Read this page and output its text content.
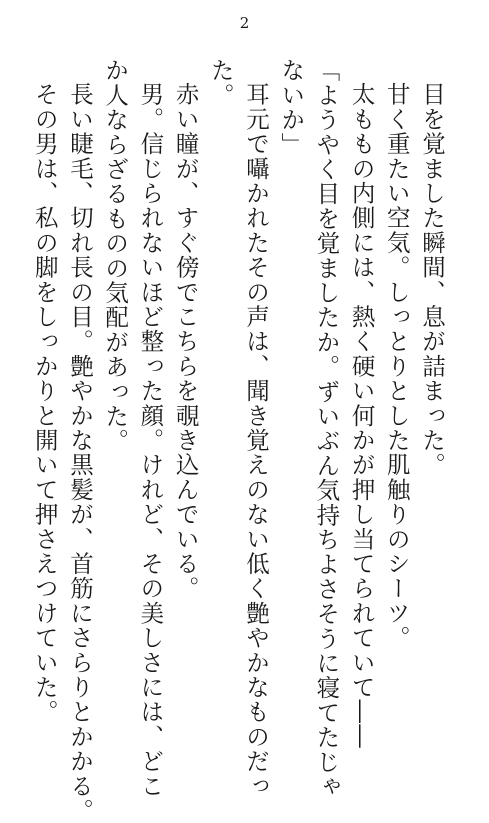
2
目を覚ました瞬間、息が詰まった。
甘く重たい空気。しっとりとした肌触りのシーツ。
太ももの内側には、熱く硬い何かが押し当てられていて――
「ようやく目を覚ましたか。ずいぶん気持ちよさそうに寝てたじゃ
ないか」
耳元で囁かれたその声は、聞き覚えのない低く艶やかなものだっ
た。
赤い瞳が、すぐ傍でこちらを覗き込んでいる。
男。信じられないほど整った顔。けれど、その美しさには、どこ
か人ならざるものの気配があった。
長い睫毛、切れ長の目。艶やかな黒髪が、首筋にさらりとかかる。
その男は、私の脚をしっかりと開いて押さえつけていた。
